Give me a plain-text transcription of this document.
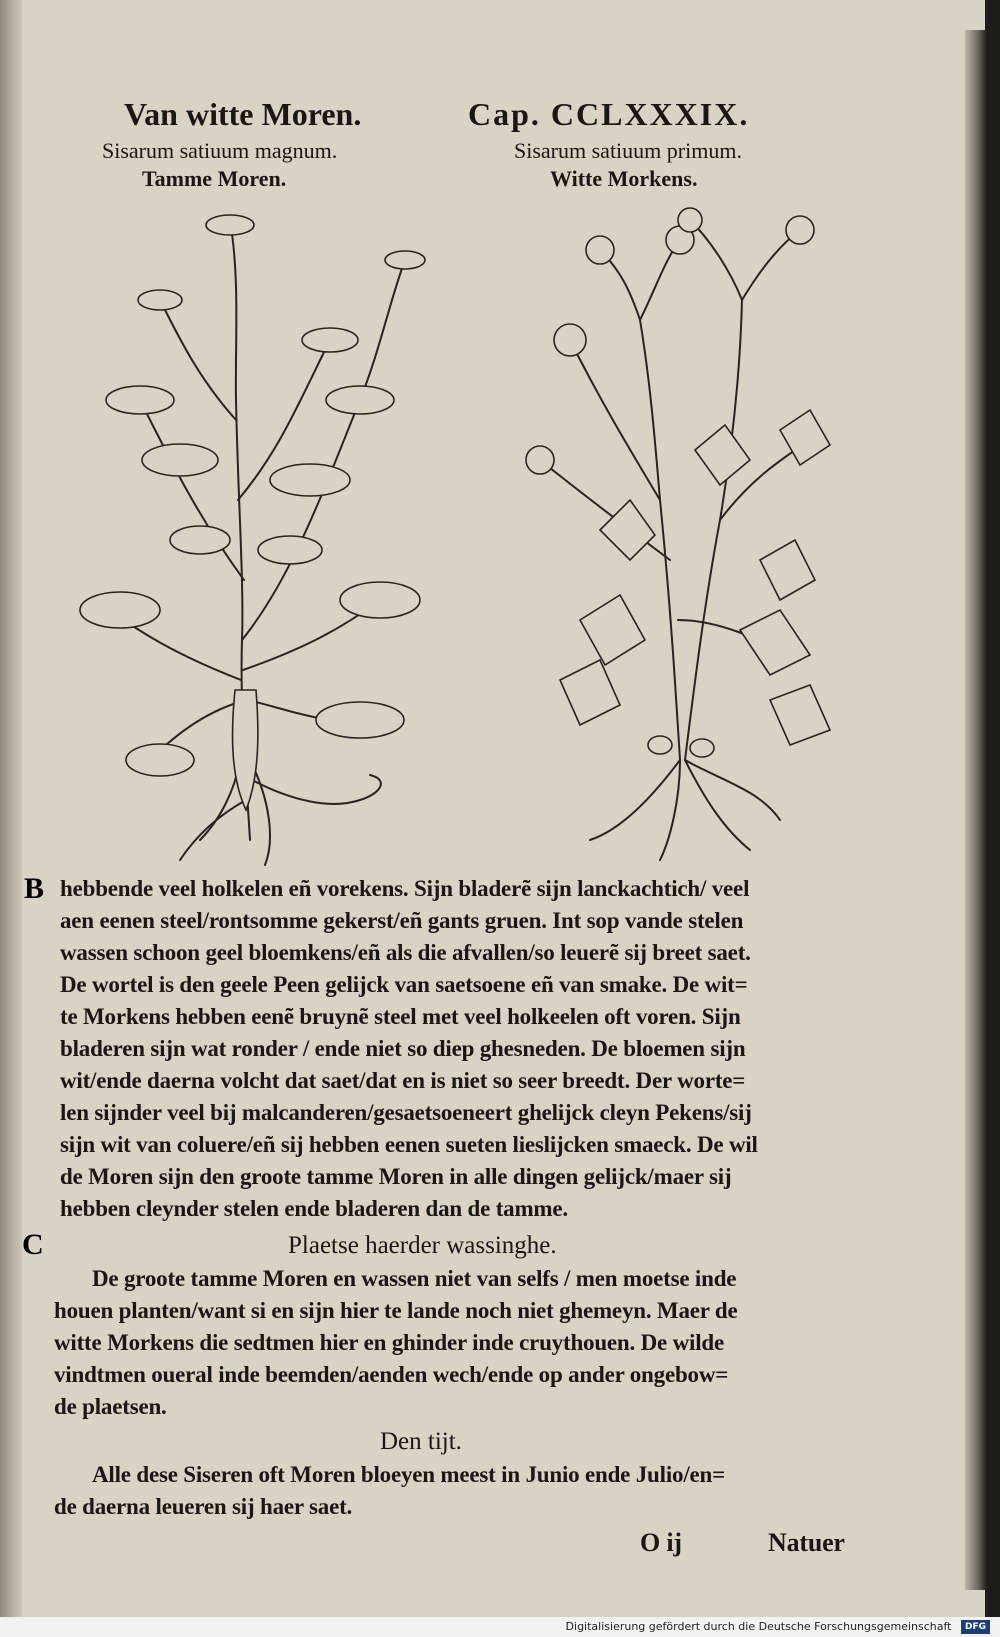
Van witte Moren.	Cap. CCLXXXIX.
Sisarum satiuum magnum.
Tamme Moren.
Sisarum satiuum primum.
Witte Morkens.
B hebbende veel holkelen eñ vorekens. Sijn bladerẽ sijn lanckachtich/ veel
aen eenen steel/rontsomme gekerst/eñ gants gruen. Int sop vande stelen
wassen schoon geel bloemkens/eñ als die afvallen/so leuerẽ sij breet saet.
De wortel is den geele Peen gelijck van saetsoene eñ van smake. De wit=
te Morkens hebben eenẽ bruynẽ steel met veel holkeelen oft voren. Sijn
bladeren sijn wat ronder / ende niet so diep ghesneden. De bloemen sijn
wit/ende daerna volcht dat saet/dat en is niet so seer breedt. Der worte=
len sijnder veel bij malcanderen/gesaetsoeneert ghelijck cleyn Pekens/sij
sijn wit van coluere/eñ sij hebben eenen sueten lieslijcken smaeck. De wil
de Moren sijn den groote tamme Moren in alle dingen gelijck/maer sij
hebben cleynder stelen ende bladeren dan de tamme.
C	Plaetse haerder wassinghe.
De groote tamme Moren en wassen niet van selfs / men moetse inde
houen planten/want si en sijn hier te lande noch niet ghemeyn. Maer de
witte Morkens die sedtmen hier en ghinder inde cruythouen. De wilde
vindtmen oueral inde beemden/aenden wech/ende op ander ongebow=
de plaetsen.
Den tijt.
Alle dese Siseren oft Moren bloeyen meest in Junio ende Julio/en=
de daerna leueren sij haer saet.
O ij	Natuer
Digitalisierung gefördert durch die Deutsche Forschungsgemeinschaft DFG
